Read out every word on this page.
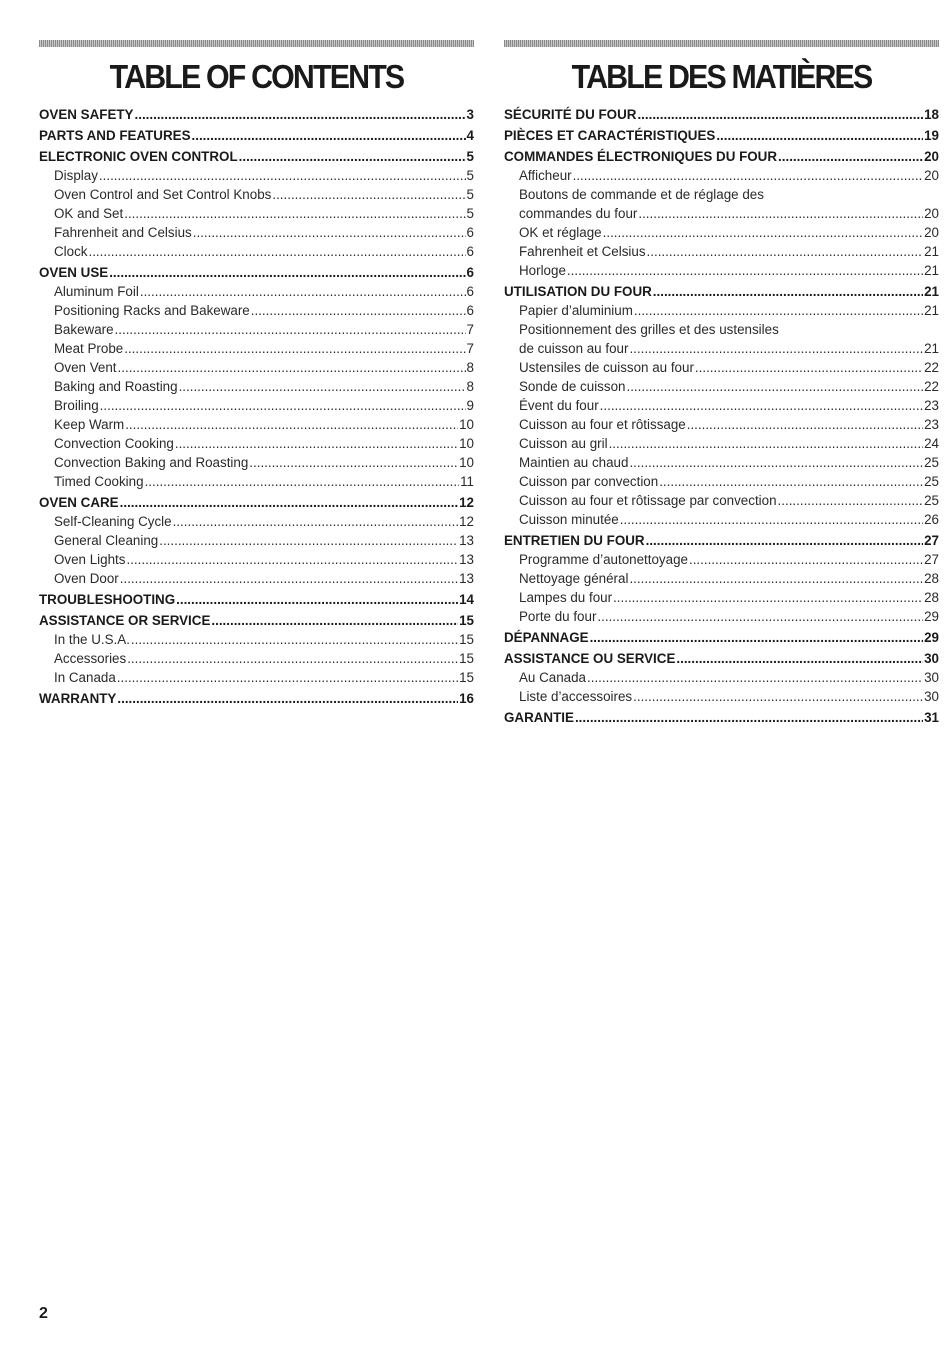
TABLE OF CONTENTS
OVEN SAFETY .....	3
PARTS AND FEATURES .....	4
ELECTRONIC OVEN CONTROL .....	5
Display .....	5
Oven Control and Set Control Knobs .....	5
OK and Set .....	5
Fahrenheit and Celsius .....	6
Clock .....	6
OVEN USE .....	6
Aluminum Foil .....	6
Positioning Racks and Bakeware .....	6
Bakeware .....	7
Meat Probe .....	7
Oven Vent .....	8
Baking and Roasting .....	8
Broiling .....	9
Keep Warm .....	10
Convection Cooking .....	10
Convection Baking and Roasting .....	10
Timed Cooking .....	11
OVEN CARE .....	12
Self-Cleaning Cycle .....	12
General Cleaning .....	13
Oven Lights .....	13
Oven Door .....	13
TROUBLESHOOTING .....	14
ASSISTANCE OR SERVICE .....	15
In the U.S.A. .....	15
Accessories .....	15
In Canada .....	15
WARRANTY .....	16
TABLE DES MATIÈRES
SÉCURITÉ DU FOUR .....	18
PIÈCES ET CARACTÉRISTIQUES .....	19
COMMANDES ÉLECTRONIQUES DU FOUR .....	20
Afficheur .....	20
Boutons de commande et de réglage des
commandes du four .....	20
OK et réglage .....	20
Fahrenheit et Celsius .....	21
Horloge .....	21
UTILISATION DU FOUR .....	21
Papier d’aluminium .....	21
Positionnement des grilles et des ustensiles
de cuisson au four .....	21
Ustensiles de cuisson au four .....	22
Sonde de cuisson .....	22
Évent du four .....	23
Cuisson au four et rôtissage .....	23
Cuisson au gril .....	24
Maintien au chaud .....	25
Cuisson par convection .....	25
Cuisson au four et rôtissage par convection .....	25
Cuisson minutée .....	26
ENTRETIEN DU FOUR .....	27
Programme d’autonettoyage .....	27
Nettoyage général .....	28
Lampes du four .....	28
Porte du four .....	29
DÉPANNAGE .....	29
ASSISTANCE OU SERVICE .....	30
Au Canada .....	30
Liste d’accessoires .....	30
GARANTIE .....	31
2
